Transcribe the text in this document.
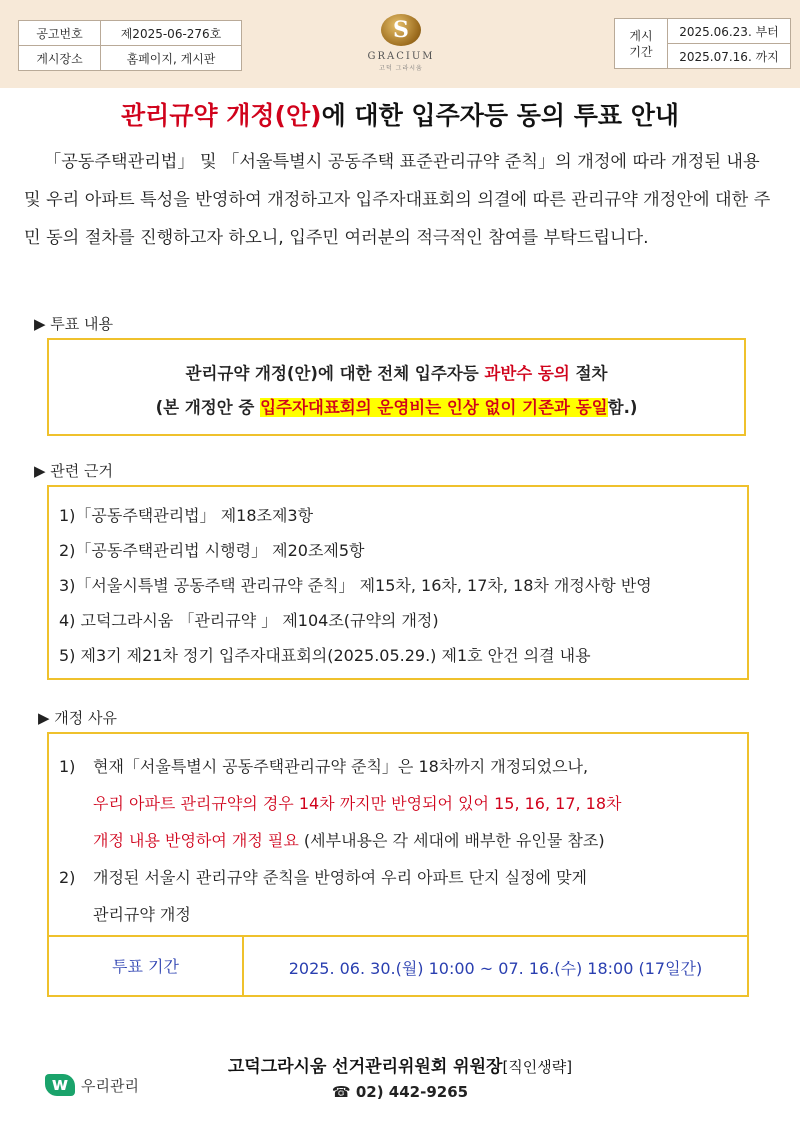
공고번호	제2025-06-276호
게시장소	홈페이지, 게시판
S
GRACIUM
고덕 그라시움
게시
기간	2025.06.23. 부터
2025.07.16. 까지
관리규약 개정(안)에 대한 입주자등 동의 투표 안내

「공동주택관리법」 및 「서울특별시 공동주택 표준관리규약 준칙」의 개정에 따라 개정된 내용 및 우리 아파트 특성을 반영하여 개정하고자 입주자대표회의 의결에 따른 관리규약 개정안에 대한 주민 동의 절차를 진행하고자 하오니, 입주민 여러분의 적극적인 참여를 부탁드립니다.

▶ 투표 내용
관리규약 개정(안)에 대한 전체 입주자등 과반수 동의 절차
(본 개정안 중 입주자대표회의 운영비는 인상 없이 기존과 동일함.)
▶ 관련 근거
1)「공동주택관리법」 제18조제3항
2)「공동주택관리법 시행령」 제20조제5항
3)「서울시특별 공동주택 관리규약 준칙」 제15차, 16차, 17차, 18차 개정사항 반영
4) 고덕그라시움 「관리규약 」 제104조(규약의 개정)
5) 제3기 제21차 정기 입주자대표회의(2025.05.29.) 제1호 안건 의결 내용
▶ 개정 사유
1)	현재「서울특별시 공동주택관리규약 준칙」은 18차까지 개정되었으나,
우리 아파트 관리규약의 경우 14차 까지만 반영되어 있어 15, 16, 17, 18차
개정 내용 반영하여 개정 필요 (세부내용은 각 세대에 배부한 유인물 참조)
2)	개정된 서울시 관리규약 준칙을 반영하여 우리 아파트 단지 실정에 맞게
관리규약 개정
투표 기간	2025. 06. 30.(월) 10:00 ~ 07. 16.(수) 18:00 (17일간)
w 우리관리
고덕그라시움 선거관리위원회 위원장[직인생략]
☎ 02) 442-9265
